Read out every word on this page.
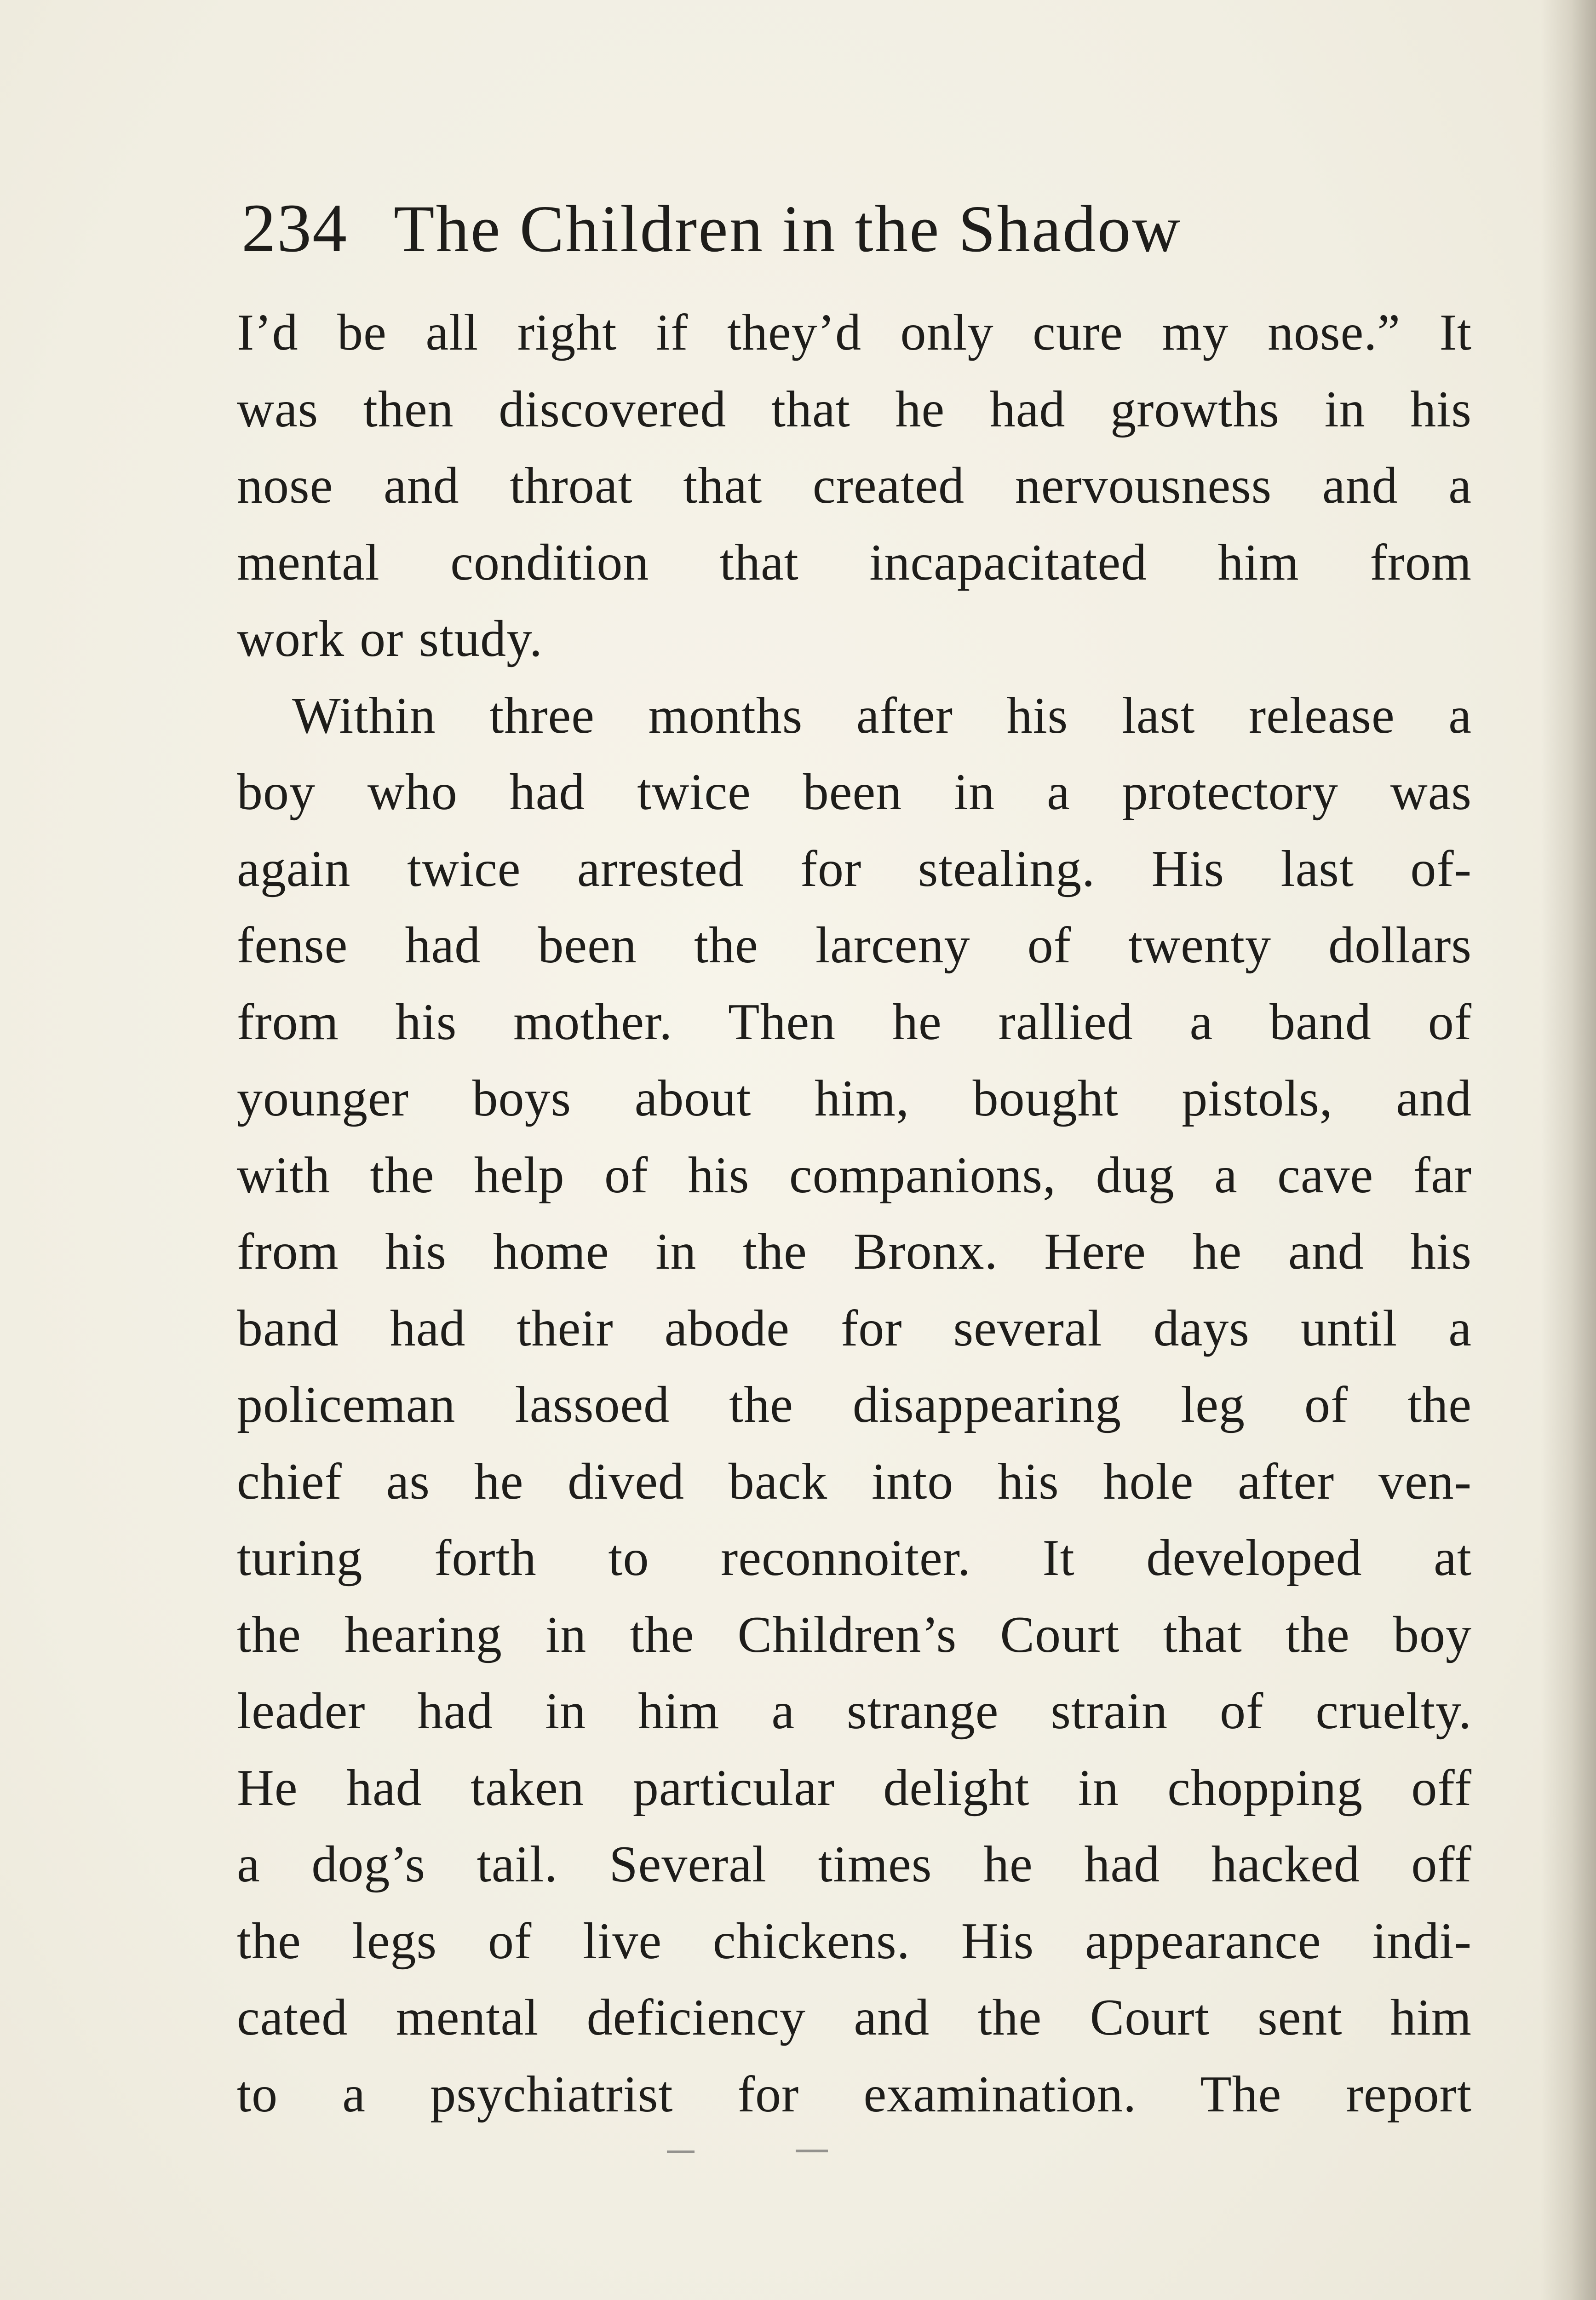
234 The Children in the Shadow
I’d be all right if they’d only cure my nose.” It
was then discovered that he had growths in his
nose and throat that created nervousness and a
mental condition that incapacitated him from
work or study.
Within three months after his last release a
boy who had twice been in a protectory was
again twice arrested for stealing. His last of-
fense had been the larceny of twenty dollars
from his mother. Then he rallied a band of
younger boys about him, bought pistols, and
with the help of his companions, dug a cave far
from his home in the Bronx. Here he and his
band had their abode for several days until a
policeman lassoed the disappearing leg of the
chief as he dived back into his hole after ven-
turing forth to reconnoiter. It developed at
the hearing in the Children’s Court that the boy
leader had in him a strange strain of cruelty.
He had taken particular delight in chopping off
a dog’s tail. Several times he had hacked off
the legs of live chickens. His appearance indi-
cated mental deficiency and the Court sent him
to a psychiatrist for examination. The report
